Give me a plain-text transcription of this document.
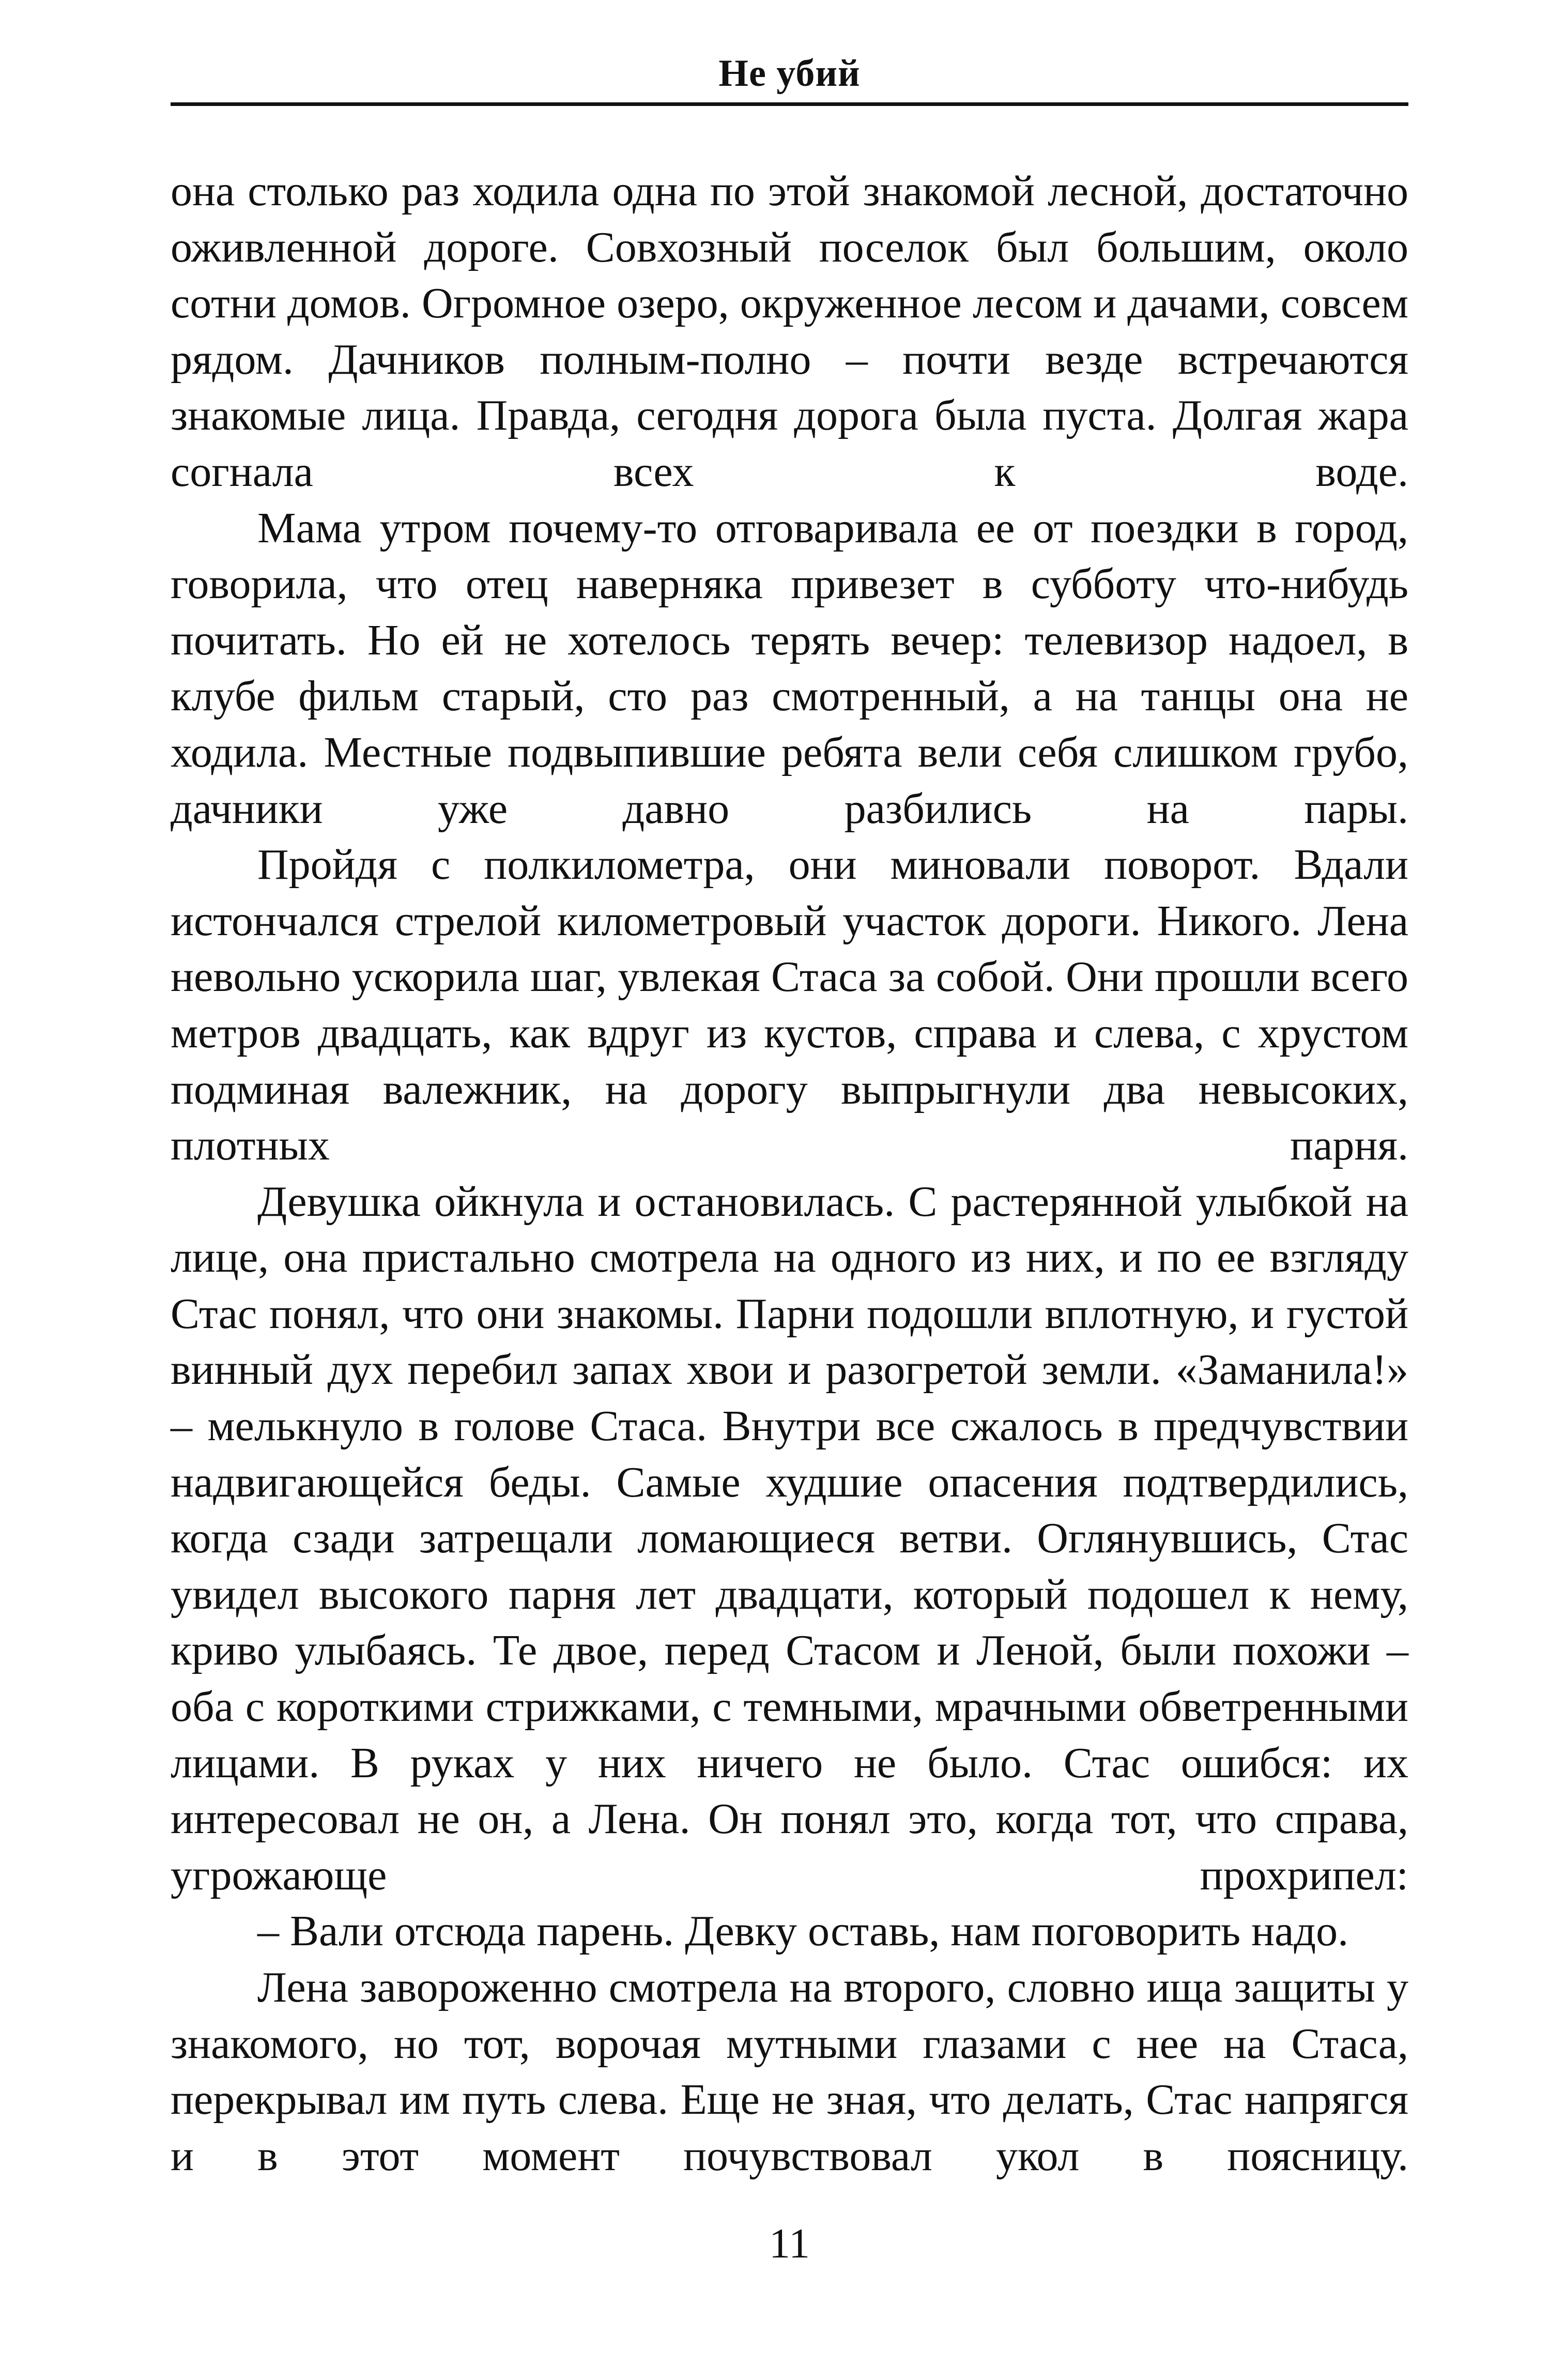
Не убий

она столько раз ходила одна по этой знакомой лесной, достаточно оживленной дороге. Совхозный поселок был большим, около сотни домов. Огромное озеро, окруженное лесом и дачами, совсем рядом. Дачников полным-полно – почти везде встречаются знакомые лица. Правда, сегодня дорога была пуста. Долгая жара согнала всех к воде.

Мама утром почему-то отговаривала ее от поездки в город, говорила, что отец наверняка привезет в субботу что-нибудь почитать. Но ей не хотелось терять вечер: телевизор надоел, в клубе фильм старый, сто раз смотренный, а на танцы она не ходила. Местные подвыпившие ребята вели себя слишком грубо, дачники уже давно разбились на пары.

Пройдя с полкилометра, они миновали поворот. Вдали истончался стрелой километровый участок дороги. Никого. Лена невольно ускорила шаг, увлекая Стаса за собой. Они прошли всего метров двадцать, как вдруг из кустов, справа и слева, с хрустом подминая валежник, на дорогу выпрыгнули два невысоких, плотных парня.

Девушка ойкнула и остановилась. С растерянной улыбкой на лице, она пристально смотрела на одного из них, и по ее взгляду Стас понял, что они знакомы. Парни подошли вплотную, и густой винный дух перебил запах хвои и разогретой земли. «Заманила!» – мелькнуло в голове Стаса. Внутри все сжалось в предчувствии надвигающейся беды. Самые худшие опасения подтвердились, когда сзади затрещали ломающиеся ветви. Оглянувшись, Стас увидел высокого парня лет двадцати, который подошел к нему, криво улыбаясь. Те двое, перед Стасом и Леной, были похожи – оба с короткими стрижками, с темными, мрачными обветренными лицами. В руках у них ничего не было. Стас ошибся: их интересовал не он, а Лена. Он понял это, когда тот, что справа, угрожающе прохрипел:

– Вали отсюда парень. Девку оставь, нам поговорить надо.

Лена завороженно смотрела на второго, словно ища защиты у знакомого, но тот, ворочая мутными глазами с нее на Стаса, перекрывал им путь слева. Еще не зная, что делать, Стас напрягся и в этот момент почувствовал укол в поясницу.

11
